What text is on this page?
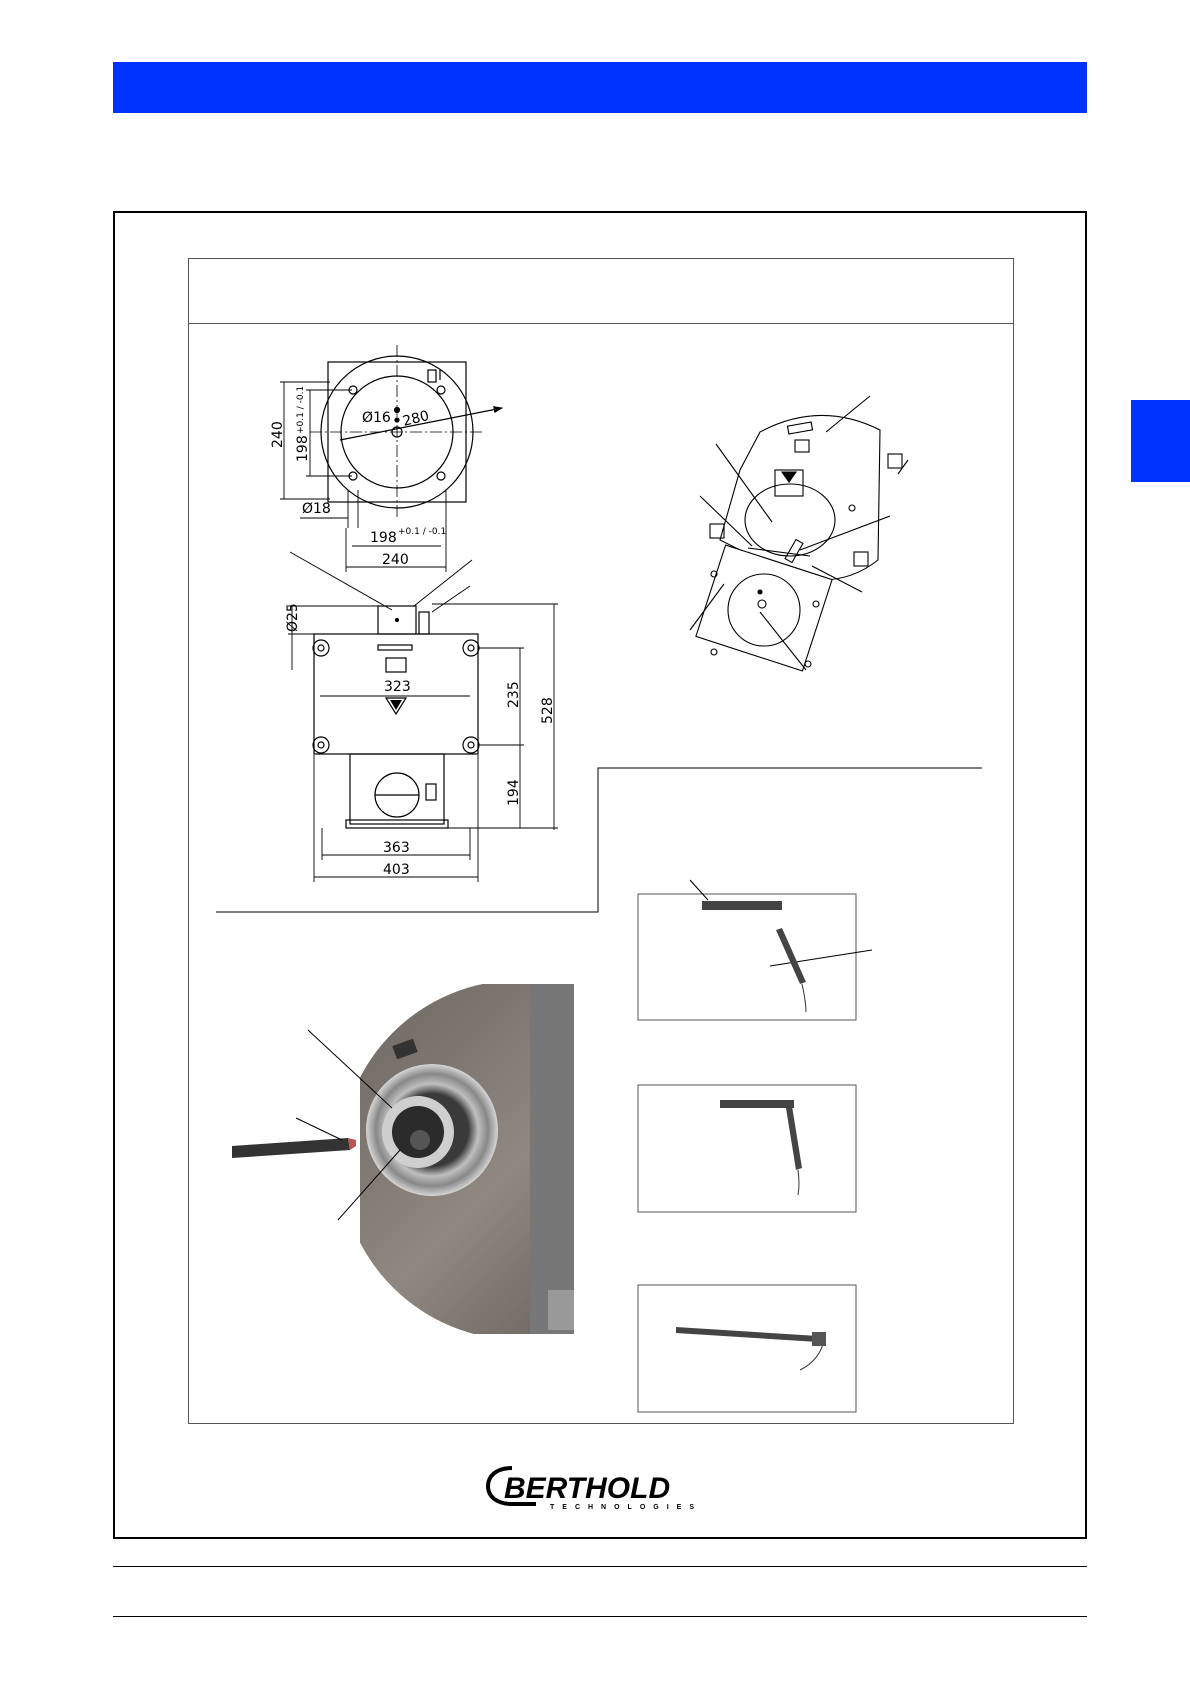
Ø16 280
240
198
+0.1 / -0.1
Ø18
198 +0.1 / -0.1
240
Ø25
323	235
528
194
363
403
BERTHOLD
TECHNOLOGIES
